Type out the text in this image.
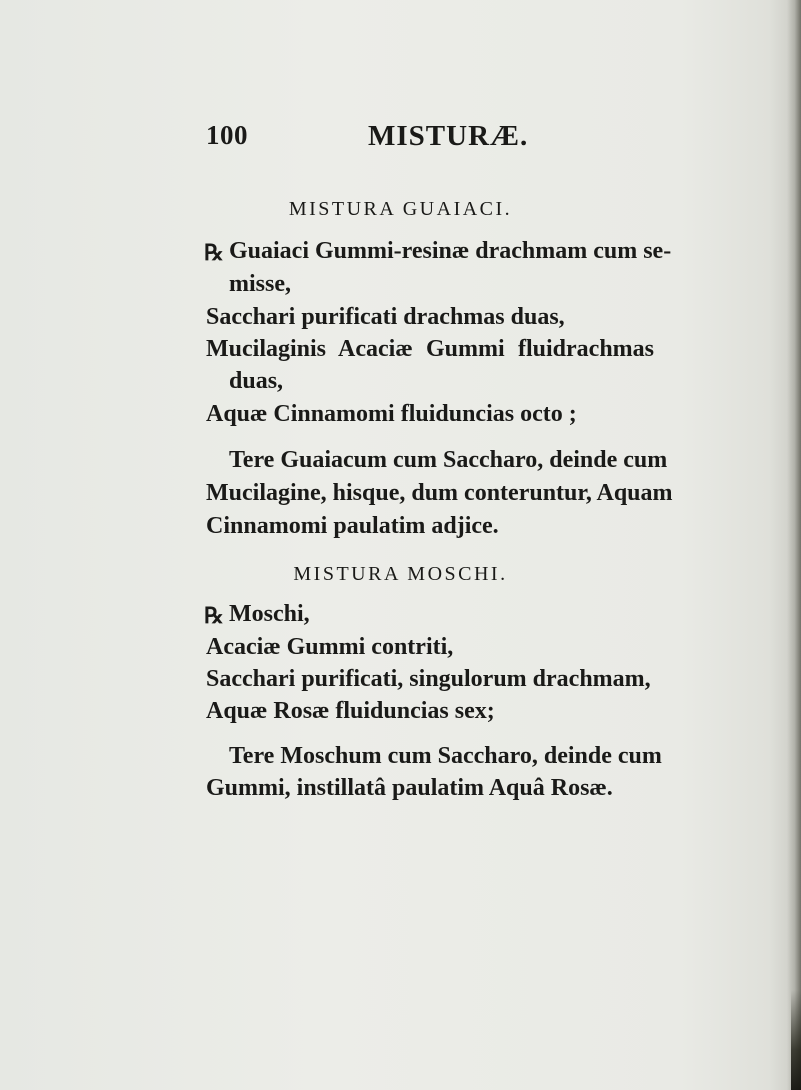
100	MISTURÆ.
MISTURA GUAIACI.
℞ Guaiaci Gummi-resinæ drachmam cum se-
misse,
Sacchari purificati drachmas duas,
Mucilaginis Acaciæ Gummi fluidrachmas
duas,
Aquæ Cinnamomi fluiduncias octo ;
Tere Guaiacum cum Saccharo, deinde cum
Mucilagine, hisque, dum conteruntur, Aquam
Cinnamomi paulatim adjice.
MISTURA MOSCHI.
℞ Moschi,
Acaciæ Gummi contriti,
Sacchari purificati, singulorum drachmam,
Aquæ Rosæ fluiduncias sex;
Tere Moschum cum Saccharo, deinde cum
Gummi, instillatâ paulatim Aquâ Rosæ.
